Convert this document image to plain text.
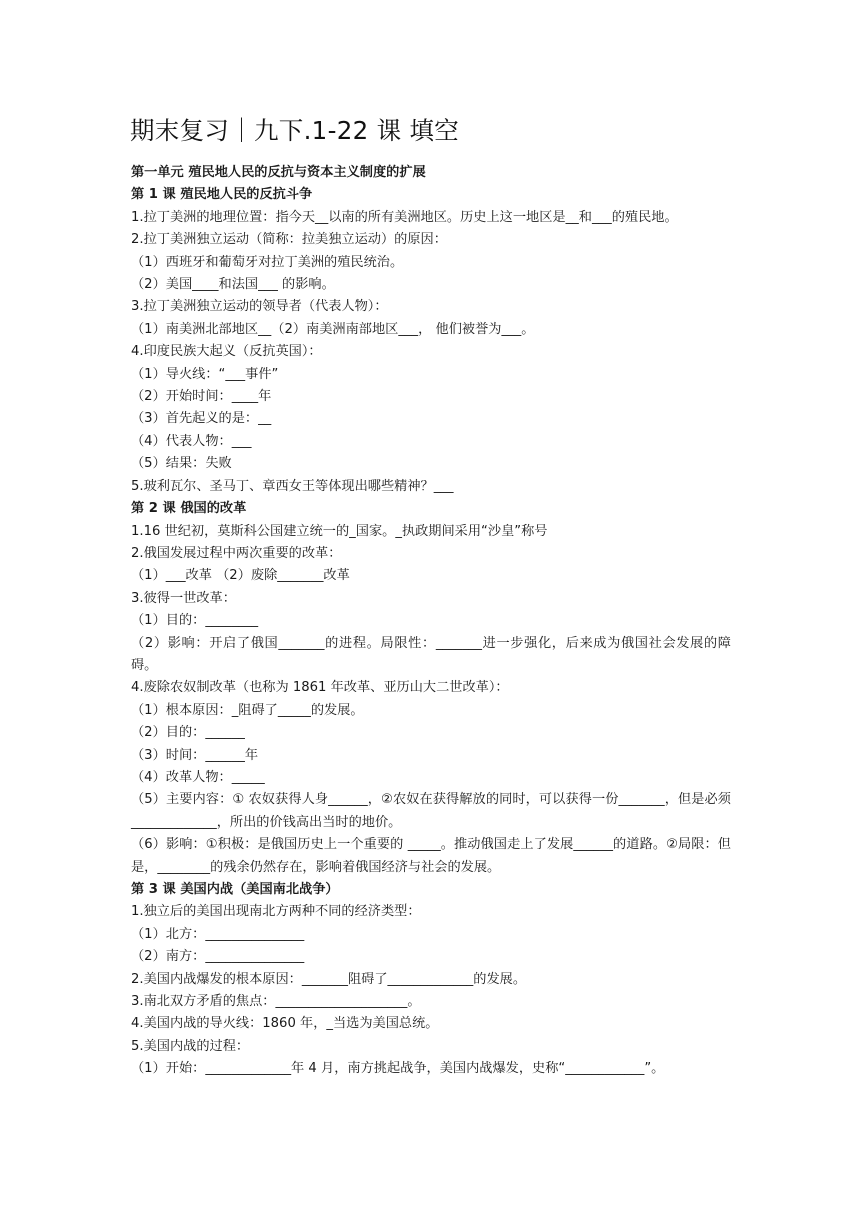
期末复习｜九下.1-22 课 填空
第一单元 殖民地人民的反抗与资本主义制度的扩展
第 1 课 殖民地人民的反抗斗争
1.拉丁美洲的地理位置：指今天__以南的所有美洲地区。历史上这一地区是__和___的殖民地。
2.拉丁美洲独立运动（简称：拉美独立运动）的原因：
（1）西班牙和葡萄牙对拉丁美洲的殖民统治。
（2）美国____和法国___ 的影响。
3.拉丁美洲独立运动的领导者（代表人物）：
（1）南美洲北部地区__（2）南美洲南部地区___， 他们被誉为___。
4.印度民族大起义（反抗英国）：
（1）导火线：“___事件”
（2）开始时间：____年
（3）首先起义的是：__
（4）代表人物：___
（5）结果：失败
5.玻利瓦尔、圣马丁、章西女王等体现出哪些精神？___
第 2 课 俄国的改革
1.16 世纪初，莫斯科公国建立统一的_国家。_执政期间采用“沙皇”称号
2.俄国发展过程中两次重要的改革：
（1）___改革 （2）废除_______改革
3.彼得一世改革：
（1）目的：________
（2）影响：开启了俄国_______的进程。局限性：_______进一步强化，后来成为俄国社会发展的障碍。
4.废除农奴制改革（也称为 1861 年改革、亚历山大二世改革）：
（1）根本原因：_阻碍了_____的发展。
（2）目的：______
（3）时间：______年
（4）改革人物：_____
（5）主要内容：① 农奴获得人身______，②农奴在获得解放的同时，可以获得一份_______，但是必须_____________，所出的价钱高出当时的地价。
（6）影响：①积极：是俄国历史上一个重要的 _____。推动俄国走上了发展______的道路。②局限：但是，________的残余仍然存在，影响着俄国经济与社会的发展。
第 3 课 美国内战（美国南北战争）
1.独立后的美国出现南北方两种不同的经济类型：
（1）北方：_______________
（2）南方：_______________
2.美国内战爆发的根本原因：_______阻碍了_____________的发展。
3.南北双方矛盾的焦点：____________________。
4.美国内战的导火线：1860 年，_当选为美国总统。
5.美国内战的过程：
（1）开始：_____________年 4 月，南方挑起战争，美国内战爆发，史称“____________”。
